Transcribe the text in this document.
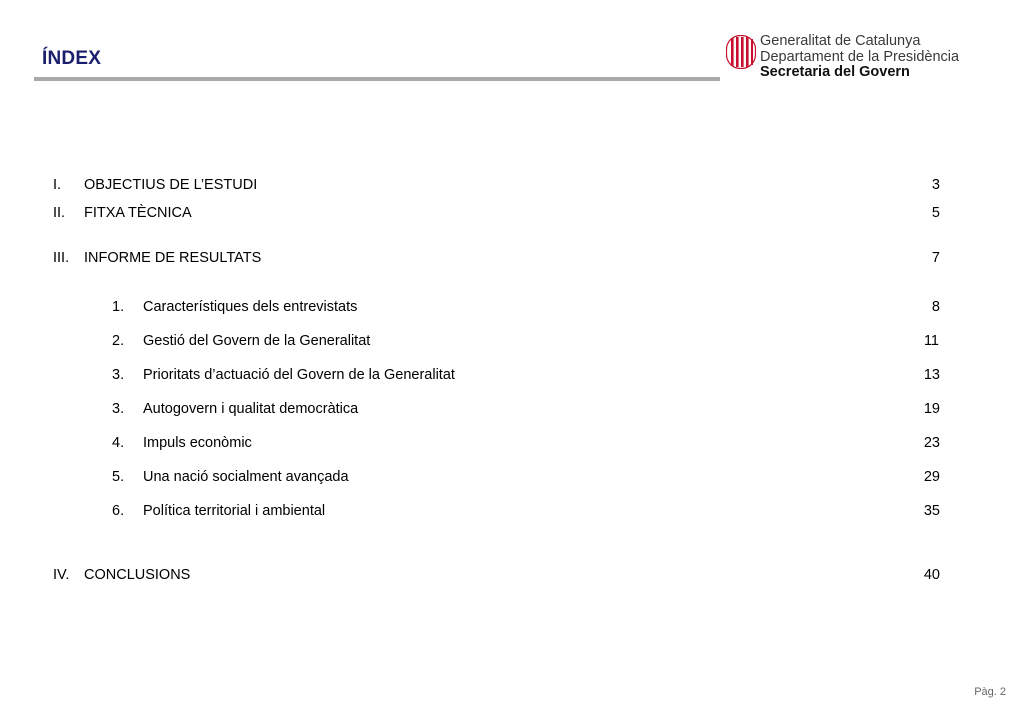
ÍNDEX
Generalitat de Catalunya
Departament de la Presidència
Secretaria del Govern
I. OBJECTIUS DE L’ESTUDI	3
II. FITXA TÈCNICA	5
III. INFORME DE RESULTATS	7
1. Característiques dels entrevistats	8
2. Gestió del Govern de la Generalitat	11
3. Prioritats d’actuació del Govern de la Generalitat	13
3. Autogovern i qualitat democràtica	19
4. Impuls econòmic	23
5. Una nació socialment avançada	29
6. Política territorial i ambiental	35
IV. CONCLUSIONS	40
Pàg. 2
